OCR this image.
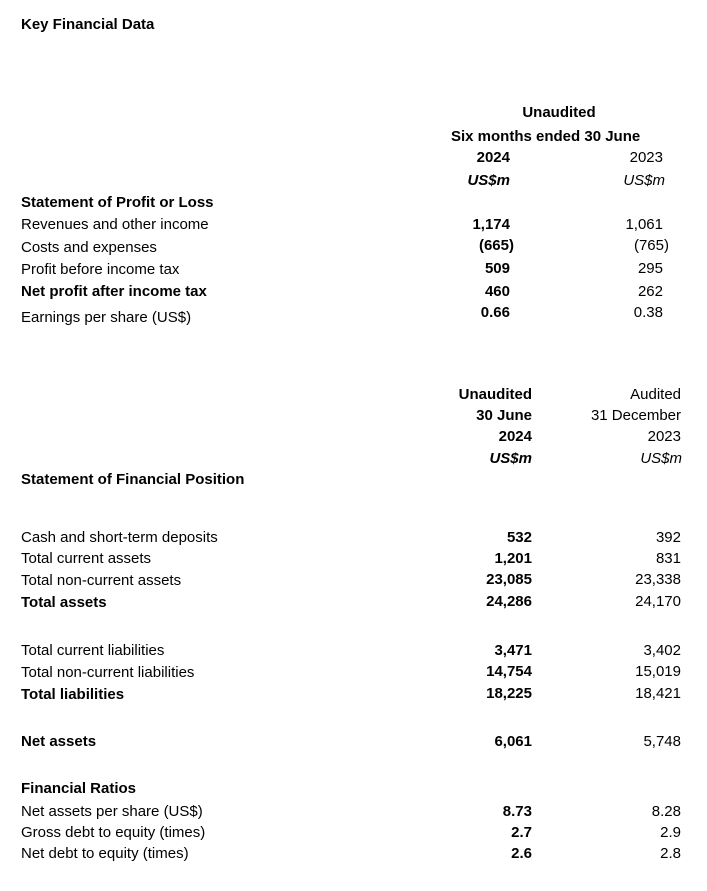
Key Financial Data
Unaudited
Six months ended 30 June
2024	2023
US$m	US$m
Statement of Profit or Loss
Revenues and other income	1,174	1,061
Costs and expenses	(665)	(765)
Profit before income tax	509	295
Net profit after income tax	460	262
Earnings per share (US$)	0.66	0.38
Unaudited	Audited
30 June	31 December
2024	2023
US$m	US$m
Statement of Financial Position
Cash and short-term deposits	532	392
Total current assets	1,201	831
Total non-current assets	23,085	23,338
Total assets	24,286	24,170
Total current liabilities	3,471	3,402
Total non-current liabilities	14,754	15,019
Total liabilities	18,225	18,421
Net assets	6,061	5,748
Financial Ratios
Net assets per share (US$)	8.73	8.28
Gross debt to equity (times)	2.7	2.9
Net debt to equity (times)	2.6	2.8
